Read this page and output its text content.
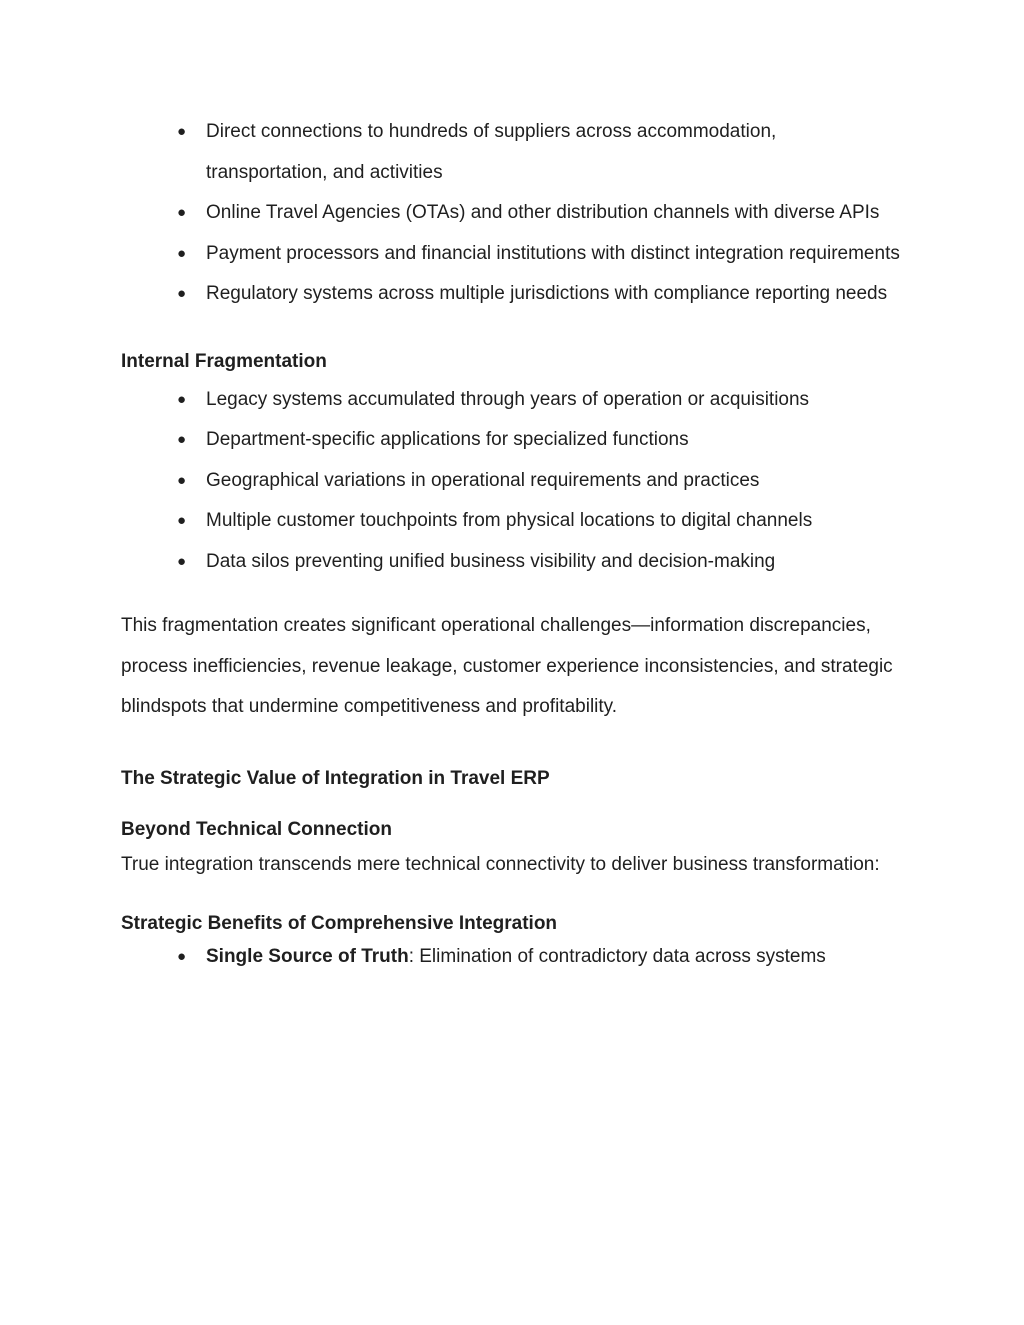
● Direct connections to hundreds of suppliers across accommodation, transportation, and activities
● Online Travel Agencies (OTAs) and other distribution channels with diverse APIs
● Payment processors and financial institutions with distinct integration requirements
● Regulatory systems across multiple jurisdictions with compliance reporting needs
Internal Fragmentation
● Legacy systems accumulated through years of operation or acquisitions
● Department-specific applications for specialized functions
● Geographical variations in operational requirements and practices
● Multiple customer touchpoints from physical locations to digital channels
● Data silos preventing unified business visibility and decision-making

This fragmentation creates significant operational challenges—information discrepancies, process inefficiencies, revenue leakage, customer experience inconsistencies, and strategic blindspots that undermine competitiveness and profitability.

The Strategic Value of Integration in Travel ERP
Beyond Technical Connection

True integration transcends mere technical connectivity to deliver business transformation:

Strategic Benefits of Comprehensive Integration
● Single Source of Truth: Elimination of contradictory data across systems
